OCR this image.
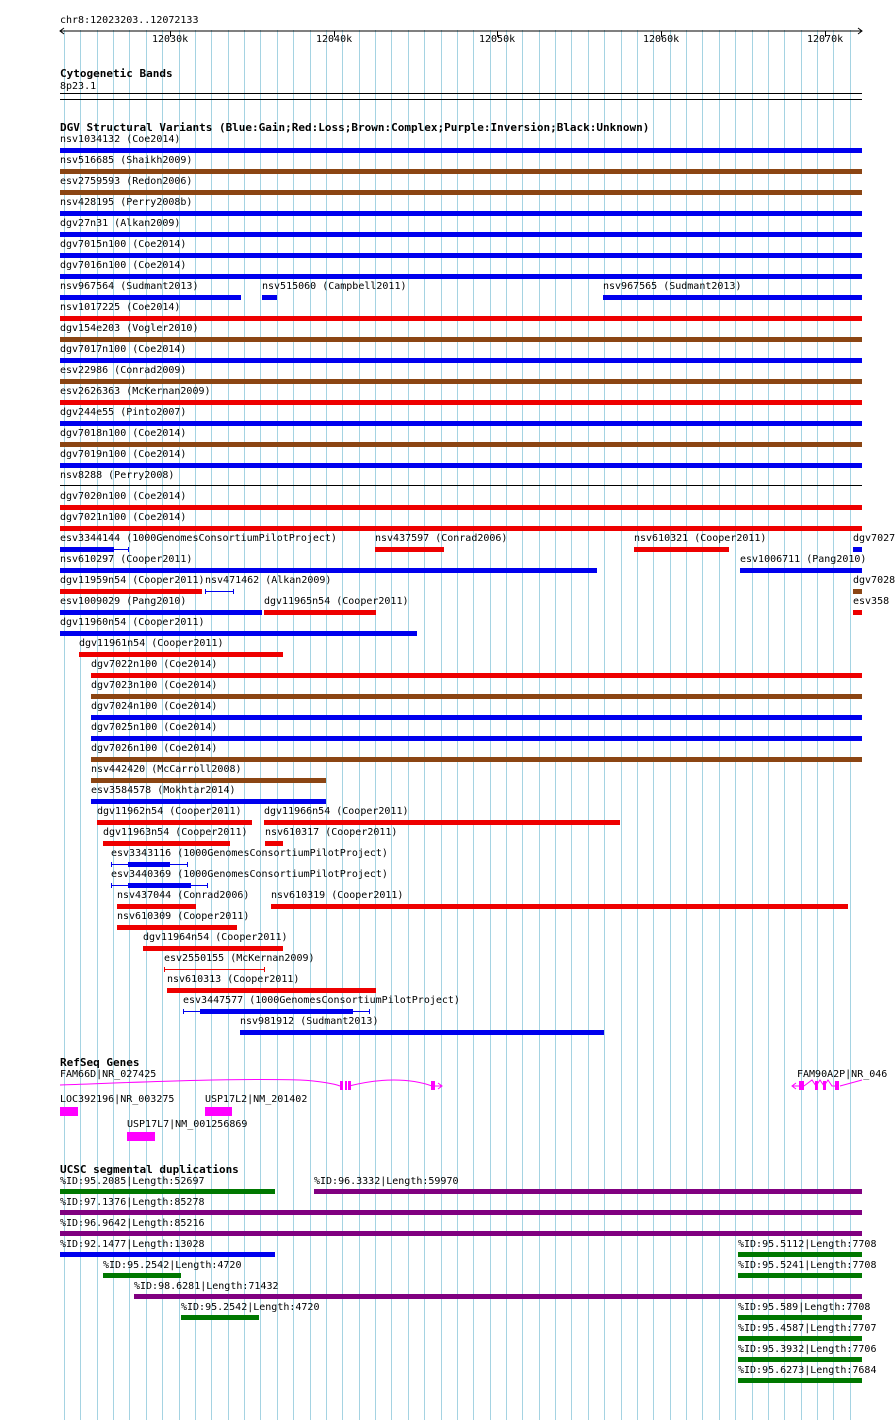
chr8:12023203..12072133
12030k	12040k	12050k	12060k	12070k
Cytogenetic Bands
8p23.1
DGV Structural Variants (Blue:Gain;Red:Loss;Brown:Complex;Purple:Inversion;Black:Unknown)
nsv1034132 (Coe2014)
nsv516685 (Shaikh2009)
esv2759593 (Redon2006)
nsv428195 (Perry2008b)
dgv27n31 (Alkan2009)
dgv7015n100 (Coe2014)
dgv7016n100 (Coe2014)
nsv967564 (Sudmant2013)	nsv515060 (Campbell2011)	nsv967565 (Sudmant2013)
nsv1017225 (Coe2014)
dgv154e203 (Vogler2010)
dgv7017n100 (Coe2014)
esv22986 (Conrad2009)
esv2626363 (McKernan2009)
dgv244e55 (Pinto2007)
dgv7018n100 (Coe2014)
dgv7019n100 (Coe2014)
nsv8288 (Perry2008)
dgv7020n100 (Coe2014)
dgv7021n100 (Coe2014)
esv3344144 (1000GenomesConsortiumPilotProject)	nsv437597 (Conrad2006)	nsv610321 (Cooper2011)	dgv7027
nsv610297 (Cooper2011)	esv1006711 (Pang2010)
dgv11959n54 (Cooper2011) nsv471462 (Alkan2009)	dgv7028
esv1009029 (Pang2010)	dgv11965n54 (Cooper2011)	esv358
dgv11960n54 (Cooper2011)
dgv11961n54 (Cooper2011)
dgv7022n100 (Coe2014)
dgv7023n100 (Coe2014)
dgv7024n100 (Coe2014)
dgv7025n100 (Coe2014)
dgv7026n100 (Coe2014)
nsv442420 (McCarroll2008)
esv3584578 (Mokhtar2014)
dgv11962n54 (Cooper2011) dgv11966n54 (Cooper2011)
dgv11963n54 (Cooper2011) nsv610317 (Cooper2011)
esv3343116 (1000GenomesConsortiumPilotProject)
esv3440369 (1000GenomesConsortiumPilotProject)
nsv437044 (Conrad2006) nsv610319 (Cooper2011)
nsv610309 (Cooper2011)
dgv11964n54 (Cooper2011)
esv2550155 (McKernan2009)
nsv610313 (Cooper2011)
esv3447577 (1000GenomesConsortiumPilotProject)
nsv981912 (Sudmant2013)
RefSeq Genes
FAM66D|NR_027425	FAM90A2P|NR_046
LOC392196|NR_003275	USP17L2|NM_201402
USP17L7|NM_001256869
UCSC segmental duplications
%ID:95.2085|Length:52697	%ID:96.3332|Length:59970
%ID:97.1376|Length:85278
%ID:96.9642|Length:85216
%ID:92.1477|Length:13028	%ID:95.5112|Length:7708
%ID:95.2542|Length:4720	%ID:95.5241|Length:7708
%ID:98.6281|Length:71432
%ID:95.2542|Length:4720	%ID:95.589|Length:7708
%ID:95.4587|Length:7707
%ID:95.3932|Length:7706
%ID:95.6273|Length:7684
